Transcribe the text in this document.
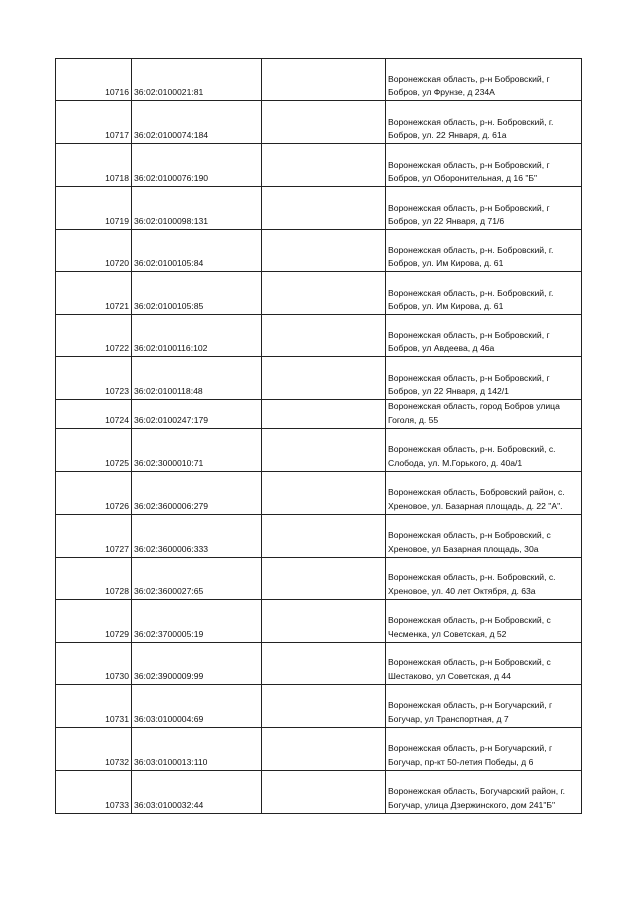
10716	36:02:0100021:81		Воронежская область, р-н Бобровский, г Бобров, ул Фрунзе, д 234А
10717	36:02:0100074:184		Воронежская область, р-н. Бобровский, г. Бобров, ул. 22 Января, д. 61а
10718	36:02:0100076:190		Воронежская область, р-н Бобровский, г Бобров, ул Оборонительная, д 16 "Б"
10719	36:02:0100098:131		Воронежская область, р-н Бобровский, г Бобров, ул 22 Января, д 71/6
10720	36:02:0100105:84		Воронежская область, р-н. Бобровский, г. Бобров, ул. Им Кирова, д. 61
10721	36:02:0100105:85		Воронежская область, р-н. Бобровский, г. Бобров, ул. Им Кирова, д. 61
10722	36:02:0100116:102		Воронежская область, р-н Бобровский, г Бобров, ул Авдеева, д 46а
10723	36:02:0100118:48		Воронежская область, р-н Бобровский, г Бобров, ул 22 Января, д 142/1
10724	36:02:0100247:179		Воронежская область, город Бобров улица Гоголя, д. 55
10725	36:02:3000010:71		Воронежская область, р-н. Бобровский, с. Слобода, ул. М.Горького, д. 40а/1
10726	36:02:3600006:279		Воронежская область, Бобровский район, с. Хреновое, ул. Базарная площадь, д. 22 "А".
10727	36:02:3600006:333		Воронежская область, р-н Бобровский, с Хреновое, ул Базарная площадь, 30а
10728	36:02:3600027:65		Воронежская область, р-н. Бобровский, с. Хреновое, ул. 40 лет Октября, д. 63а
10729	36:02:3700005:19		Воронежская область, р-н Бобровский, с Чесменка, ул Советская, д 52
10730	36:02:3900009:99		Воронежская область, р-н Бобровский, с Шестаково, ул Советская, д 44
10731	36:03:0100004:69		Воронежская область, р-н Богучарский, г Богучар, ул Транспортная, д 7
10732	36:03:0100013:110		Воронежская область, р-н Богучарский, г Богучар, пр-кт 50-летия Победы, д 6
10733	36:03:0100032:44		Воронежская область, Богучарский район, г. Богучар, улица Дзержинского, дом 241"Б"
